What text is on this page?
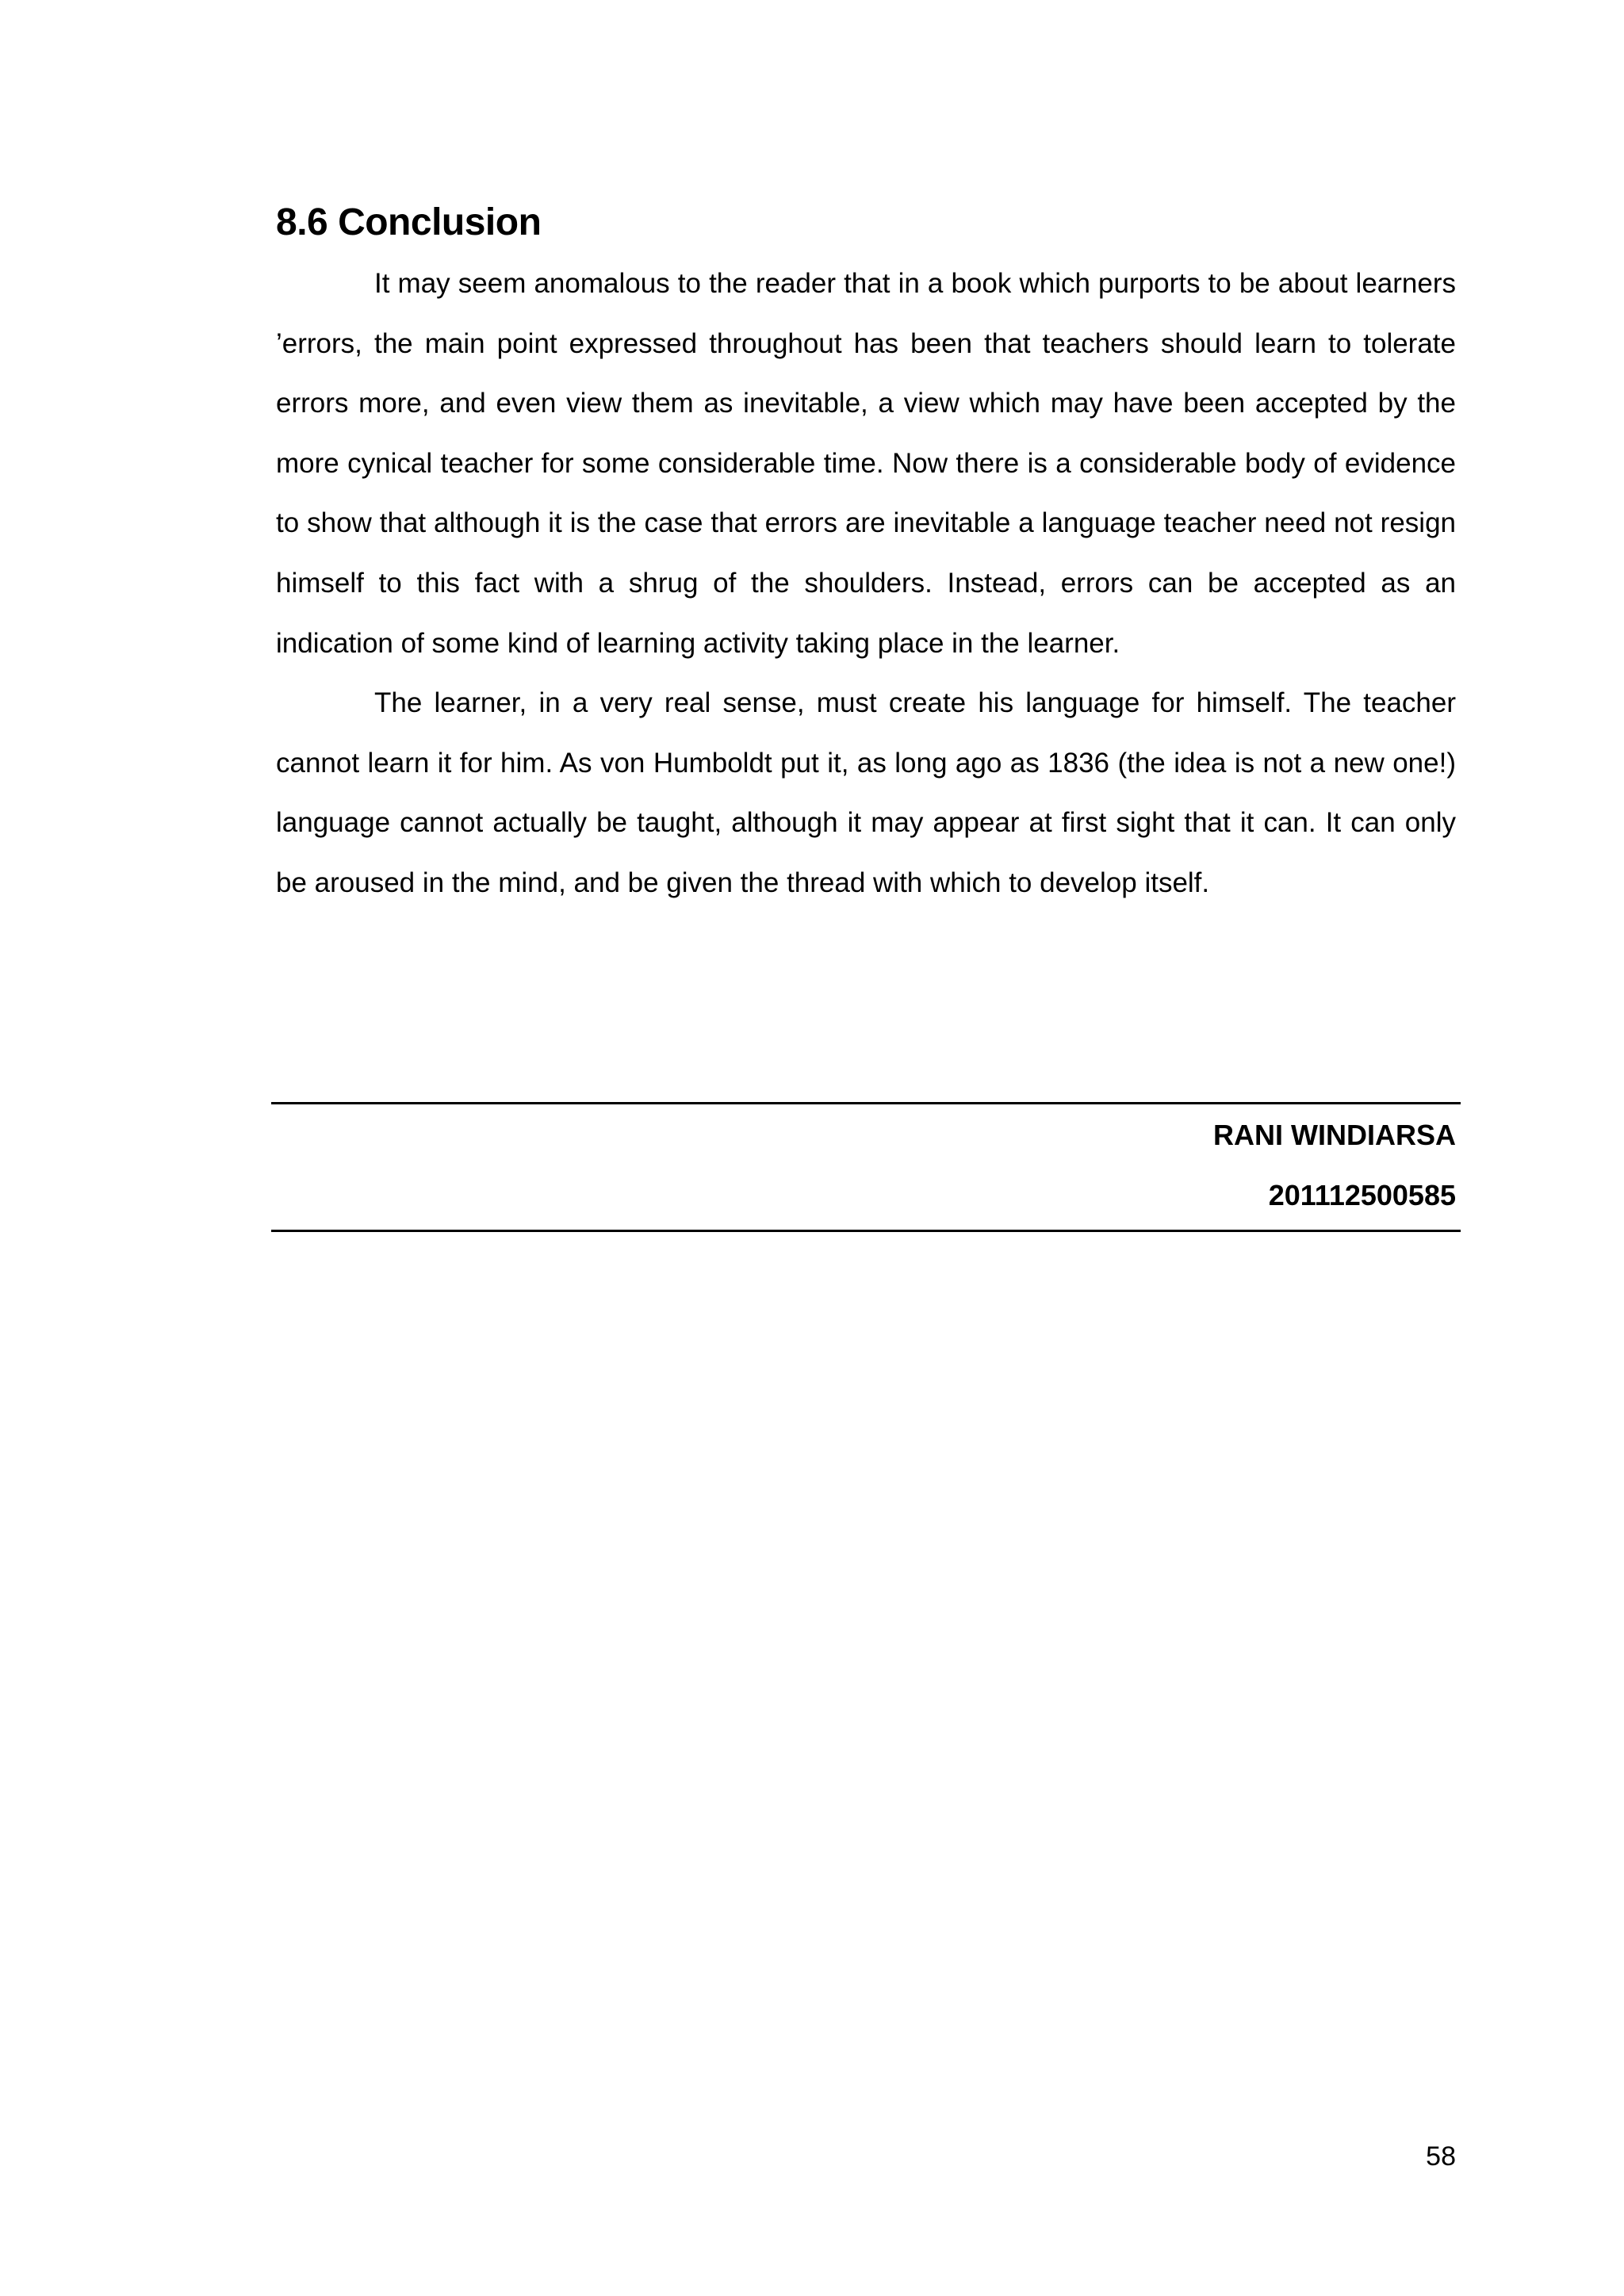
8.6 Conclusion

It may seem anomalous to the reader that in a book which purports to be about learners ’errors, the main point expressed throughout has been that teachers should learn to tolerate errors more, and even view them as inevitable, a view which may have been accepted by the more cynical teacher for some considerable time. Now there is a considerable body of evidence to show that although it is the case that errors are inevitable a language teacher need not resign himself to this fact with a shrug of the shoulders. Instead, errors can be accepted as an indication of some kind of learning activity taking place in the learner.

The learner, in a very real sense, must create his language for himself. The teacher cannot learn it for him. As von Humboldt put it, as long ago as 1836 (the idea is not a new one!) language cannot actually be taught, although it may appear at first sight that it can. It can only be aroused in the mind, and be given the thread with which to develop itself.

RANI WINDIARSA
201112500585
58
